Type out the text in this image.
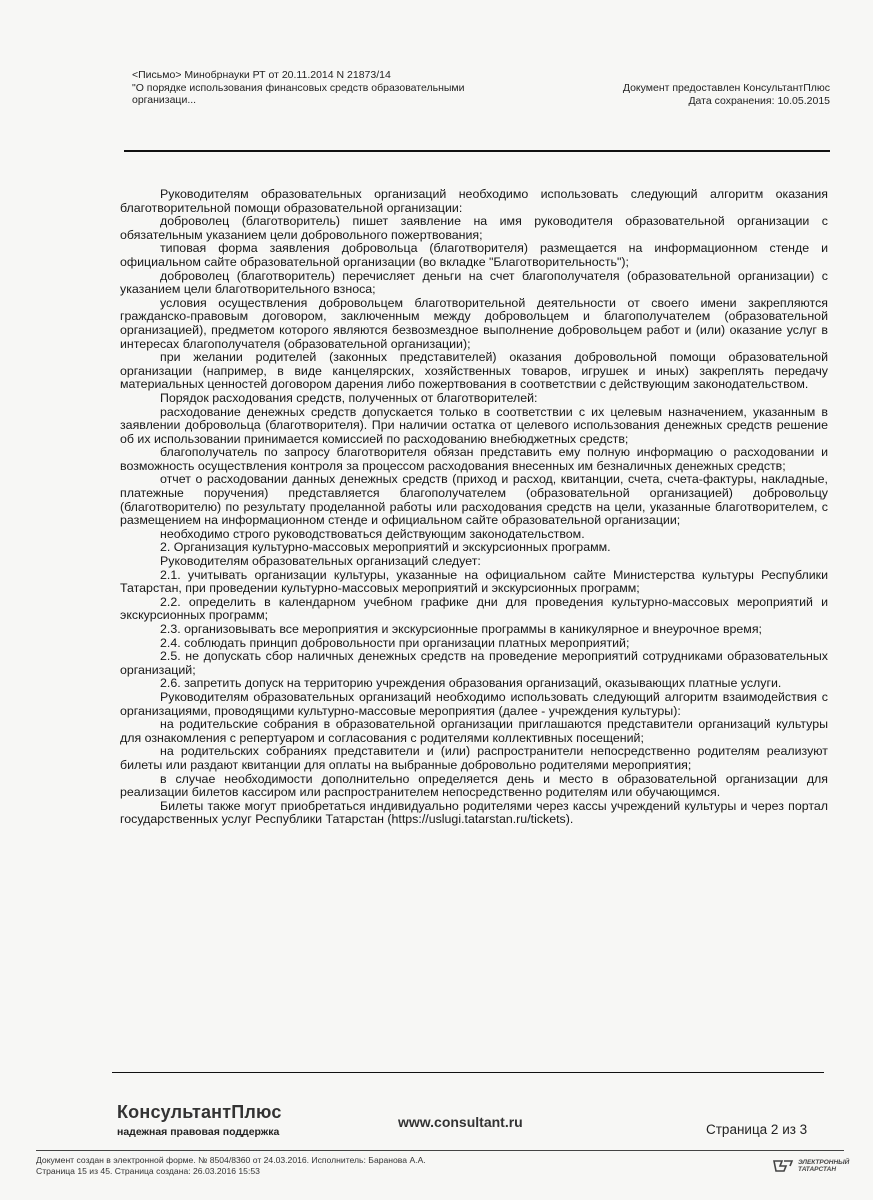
<Письмо> Минобрнауки РТ от 20.11.2014 N 21873/14
"О порядке использования финансовых средств образовательными организаци...
Документ предоставлен КонсультантПлюс
Дата сохранения: 10.05.2015

Руководителям образовательных организаций необходимо использовать следующий алгоритм оказания благотворительной помощи образовательной организации:

доброволец (благотворитель) пишет заявление на имя руководителя образовательной организации с обязательным указанием цели добровольного пожертвования;

типовая форма заявления добровольца (благотворителя) размещается на информационном стенде и официальном сайте образовательной организации (во вкладке "Благотворительность");

доброволец (благотворитель) перечисляет деньги на счет благополучателя (образовательной организации) с указанием цели благотворительного взноса;

условия осуществления добровольцем благотворительной деятельности от своего имени закрепляются гражданско-правовым договором, заключенным между добровольцем и благополучателем (образовательной организацией), предметом которого являются безвозмездное выполнение добровольцем работ и (или) оказание услуг в интересах благополучателя (образовательной организации);

при желании родителей (законных представителей) оказания добровольной помощи образовательной организации (например, в виде канцелярских, хозяйственных товаров, игрушек и иных) закреплять передачу материальных ценностей договором дарения либо пожертвования в соответствии с действующим законодательством.

Порядок расходования средств, полученных от благотворителей:

расходование денежных средств допускается только в соответствии с их целевым назначением, указанным в заявлении добровольца (благотворителя). При наличии остатка от целевого использования денежных средств решение об их использовании принимается комиссией по расходованию внебюджетных средств;

благополучатель по запросу благотворителя обязан представить ему полную информацию о расходовании и возможность осуществления контроля за процессом расходования внесенных им безналичных денежных средств;

отчет о расходовании данных денежных средств (приход и расход, квитанции, счета, счета-фактуры, накладные, платежные поручения) представляется благополучателем (образовательной организацией) добровольцу (благотворителю) по результату проделанной работы или расходования средств на цели, указанные благотворителем, с размещением на информационном стенде и официальном сайте образовательной организации;

необходимо строго руководствоваться действующим законодательством.

2. Организация культурно-массовых мероприятий и экскурсионных программ.

Руководителям образовательных организаций следует:

2.1. учитывать организации культуры, указанные на официальном сайте Министерства культуры Республики Татарстан, при проведении культурно-массовых мероприятий и экскурсионных программ;

2.2. определить в календарном учебном графике дни для проведения культурно-массовых мероприятий и экскурсионных программ;

2.3. организовывать все мероприятия и экскурсионные программы в каникулярное и внеурочное время;

2.4. соблюдать принцип добровольности при организации платных мероприятий;

2.5. не допускать сбор наличных денежных средств на проведение мероприятий сотрудниками образовательных организаций;

2.6. запретить допуск на территорию учреждения образования организаций, оказывающих платные услуги.

Руководителям образовательных организаций необходимо использовать следующий алгоритм взаимодействия с организациями, проводящими культурно-массовые мероприятия (далее - учреждения культуры):

на родительские собрания в образовательной организации приглашаются представители организаций культуры для ознакомления с репертуаром и согласования с родителями коллективных посещений;

на родительских собраниях представители и (или) распространители непосредственно родителям реализуют билеты или раздают квитанции для оплаты на выбранные добровольно родителями мероприятия;

в случае необходимости дополнительно определяется день и место в образовательной организации для реализации билетов кассиром или распространителем непосредственно родителям или обучающимся.

Билеты также могут приобретаться индивидуально родителями через кассы учреждений культуры и через портал государственных услуг Республики Татарстан (https://uslugi.tatarstan.ru/tickets).

КонсультантПлюс
надежная правовая поддержка
www.consultant.ru	Страница 2 из 3
Документ создан в электронной форме. № 8504/8360 от 24.03.2016. Исполнитель: Баранова А.А.
Страница 15 из 45. Страница создана: 26.03.2016 15:53
ЭЛЕКТРОННЫЙ
ТАТАРСТАН
